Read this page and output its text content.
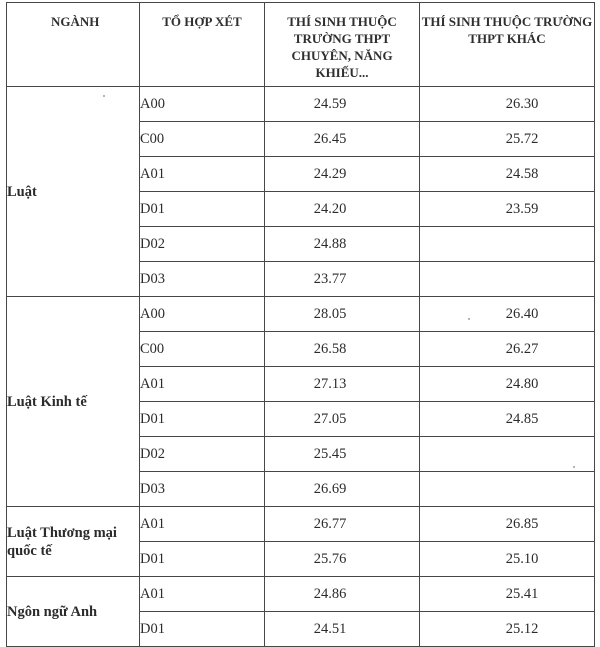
NGÀNH	TỔ HỢP XÉT	THÍ SINH THUỘC TRƯỜNG THPT CHUYÊN, NĂNG KHIẾU...	THÍ SINH THUỘC TRƯỜNG THPT KHÁC
Luật	A00	24.59	26.30
	C00	26.45	25.72
	A01	24.29	24.58
	D01	24.20	23.59
	D02	24.88	
	D03	23.77	
Luật Kinh tế	A00	28.05	26.40
	C00	26.58	26.27
	A01	27.13	24.80
	D01	27.05	24.85
	D02	25.45	
	D03	26.69	
Luật Thương mại quốc tế	A01	26.77	26.85
	D01	25.76	25.10
Ngôn ngữ Anh	A01	24.86	25.41
	D01	24.51	25.12
